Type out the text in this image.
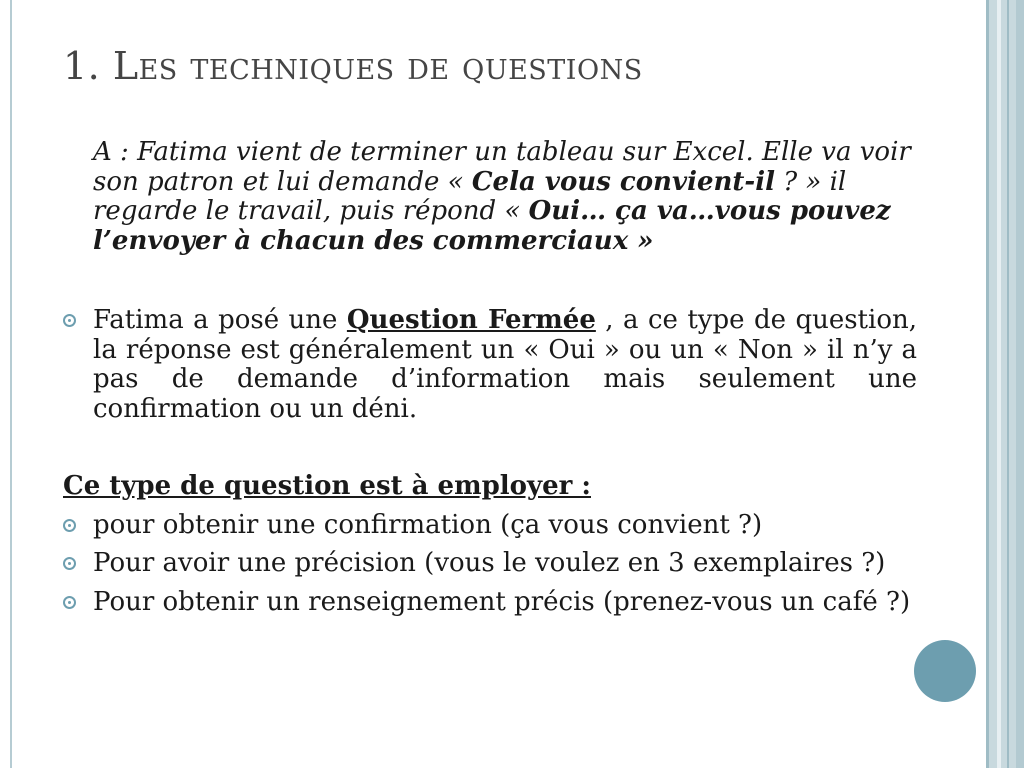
1. Les techniques de questions

A : Fatima vient de terminer un tableau sur Excel. Elle va voir son patron et lui demande « Cela vous convient-il ? » il regarde le travail, puis répond « Oui… ça va…vous pouvez l’envoyer à chacun des commerciaux »

Fatima a posé une Question Fermée , a ce type de question, la réponse est généralement un « Oui » ou un « Non » il n’y a pas de demande d’information mais seulement une confirmation ou un déni.
Ce type de question est à employer :
pour obtenir une confirmation (ça vous convient ?)
Pour avoir une précision (vous le voulez en 3 exemplaires ?)
Pour obtenir un renseignement précis (prenez-vous un café ?)
